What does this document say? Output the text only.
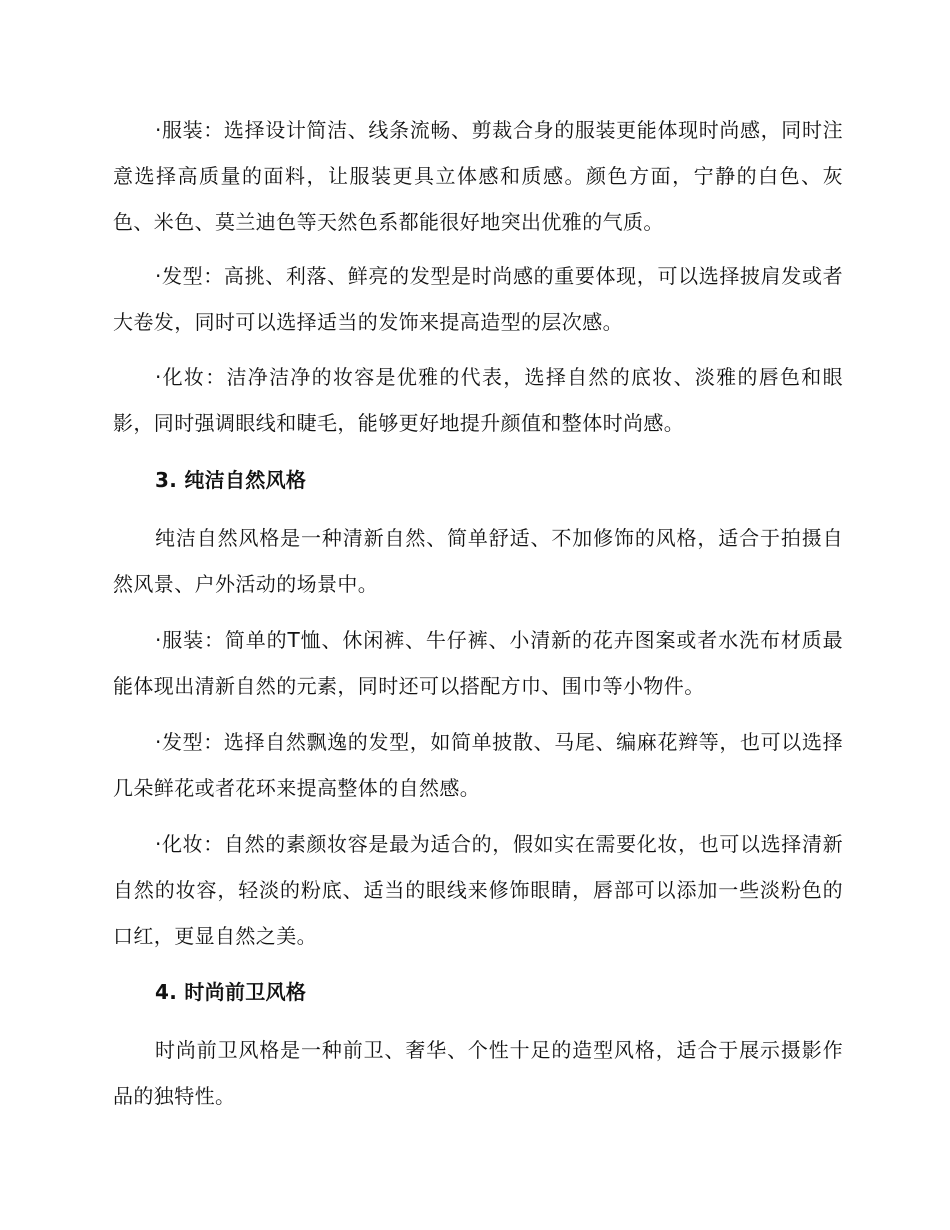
·服装：选择设计简洁、线条流畅、剪裁合身的服装更能体现时尚感，同时注意选择高质量的面料，让服装更具立体感和质感。颜色方面，宁静的白色、灰色、米色、莫兰迪色等天然色系都能很好地突出优雅的气质。

·发型：高挑、利落、鲜亮的发型是时尚感的重要体现，可以选择披肩发或者大卷发，同时可以选择适当的发饰来提高造型的层次感。

·化妆：洁净洁净的妆容是优雅的代表，选择自然的底妆、淡雅的唇色和眼影，同时强调眼线和睫毛，能够更好地提升颜值和整体时尚感。

3. 纯洁自然风格

纯洁自然风格是一种清新自然、简单舒适、不加修饰的风格，适合于拍摄自然风景、户外活动的场景中。

·服装：简单的T恤、休闲裤、牛仔裤、小清新的花卉图案或者水洗布材质最能体现出清新自然的元素，同时还可以搭配方巾、围巾等小物件。

·发型：选择自然飘逸的发型，如简单披散、马尾、编麻花辫等，也可以选择几朵鲜花或者花环来提高整体的自然感。

·化妆：自然的素颜妆容是最为适合的，假如实在需要化妆，也可以选择清新自然的妆容，轻淡的粉底、适当的眼线来修饰眼睛，唇部可以添加一些淡粉色的口红，更显自然之美。

4. 时尚前卫风格

时尚前卫风格是一种前卫、奢华、个性十足的造型风格，适合于展示摄影作品的独特性。
